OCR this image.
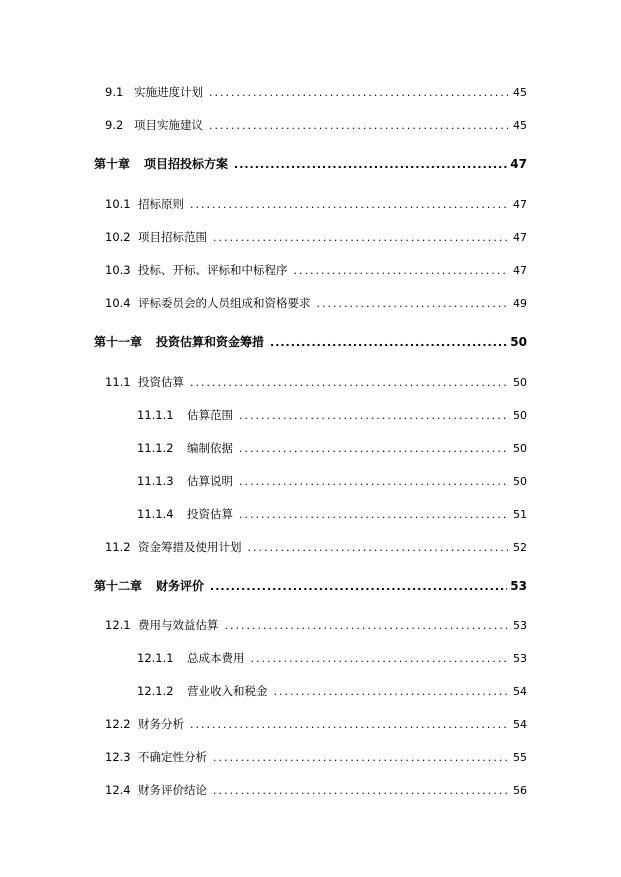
9.1 实施进度计划 .....	45
9.2 项目实施建议 .....	45
第十章	项目招投标方案 .....	47
10.1 招标原则 .....	47
10.2 项目招标范围 .....	47
10.3 投标、开标、评标和中标程序 .....	47
10.4 评标委员会的人员组成和资格要求 .....	49
第十一章	投资估算和资金筹措 .....	50
11.1 投资估算 .....	50
11.1.1	估算范围 .....	50
11.1.2	编制依据 .....	50
11.1.3	估算说明 .....	50
11.1.4	投资估算 .....	51
11.2 资金筹措及使用计划 .....	52
第十二章	财务评价 .....	53
12.1 费用与效益估算 .....	53
12.1.1	总成本费用 .....	53
12.1.2	营业收入和税金 .....	54
12.2 财务分析 .....	54
12.3 不确定性分析 .....	55
12.4 财务评价结论 .....	56
